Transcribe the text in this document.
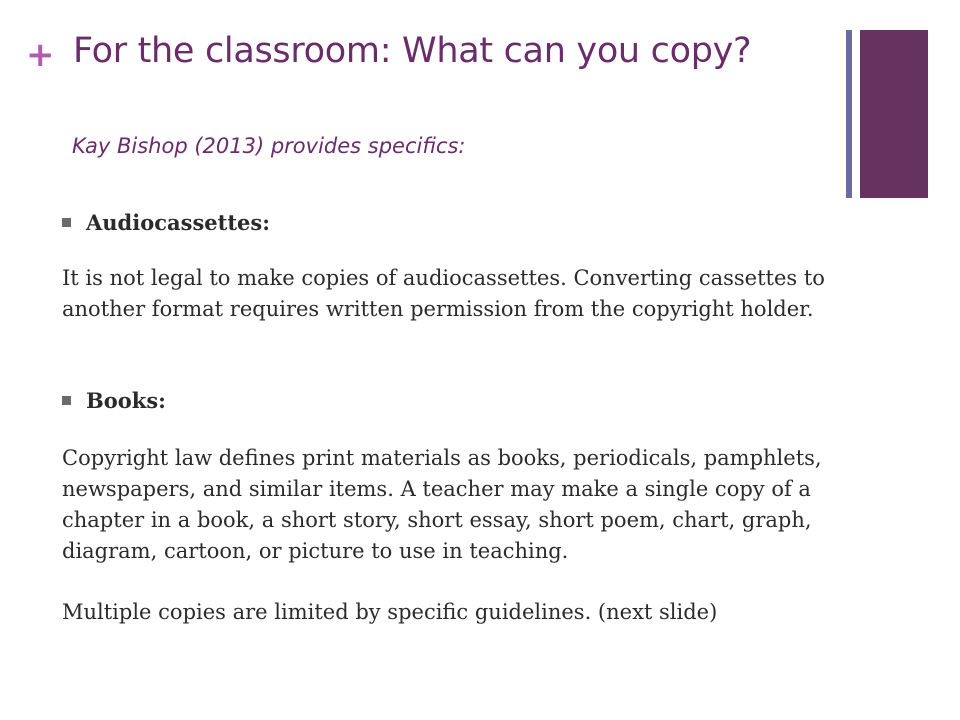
+ For the classroom: What can you copy?
Kay Bishop (2013) provides specifics:
Audiocassettes:

It is not legal to make copies of audiocassettes. Converting cassettes to another format requires written permission from the copyright holder.

Books:

Copyright law defines print materials as books, periodicals, pamphlets, newspapers, and similar items. A teacher may make a single copy of a chapter in a book, a short story, short essay, short poem, chart, graph, diagram, cartoon, or picture to use in teaching.

Multiple copies are limited by specific guidelines. (next slide)
